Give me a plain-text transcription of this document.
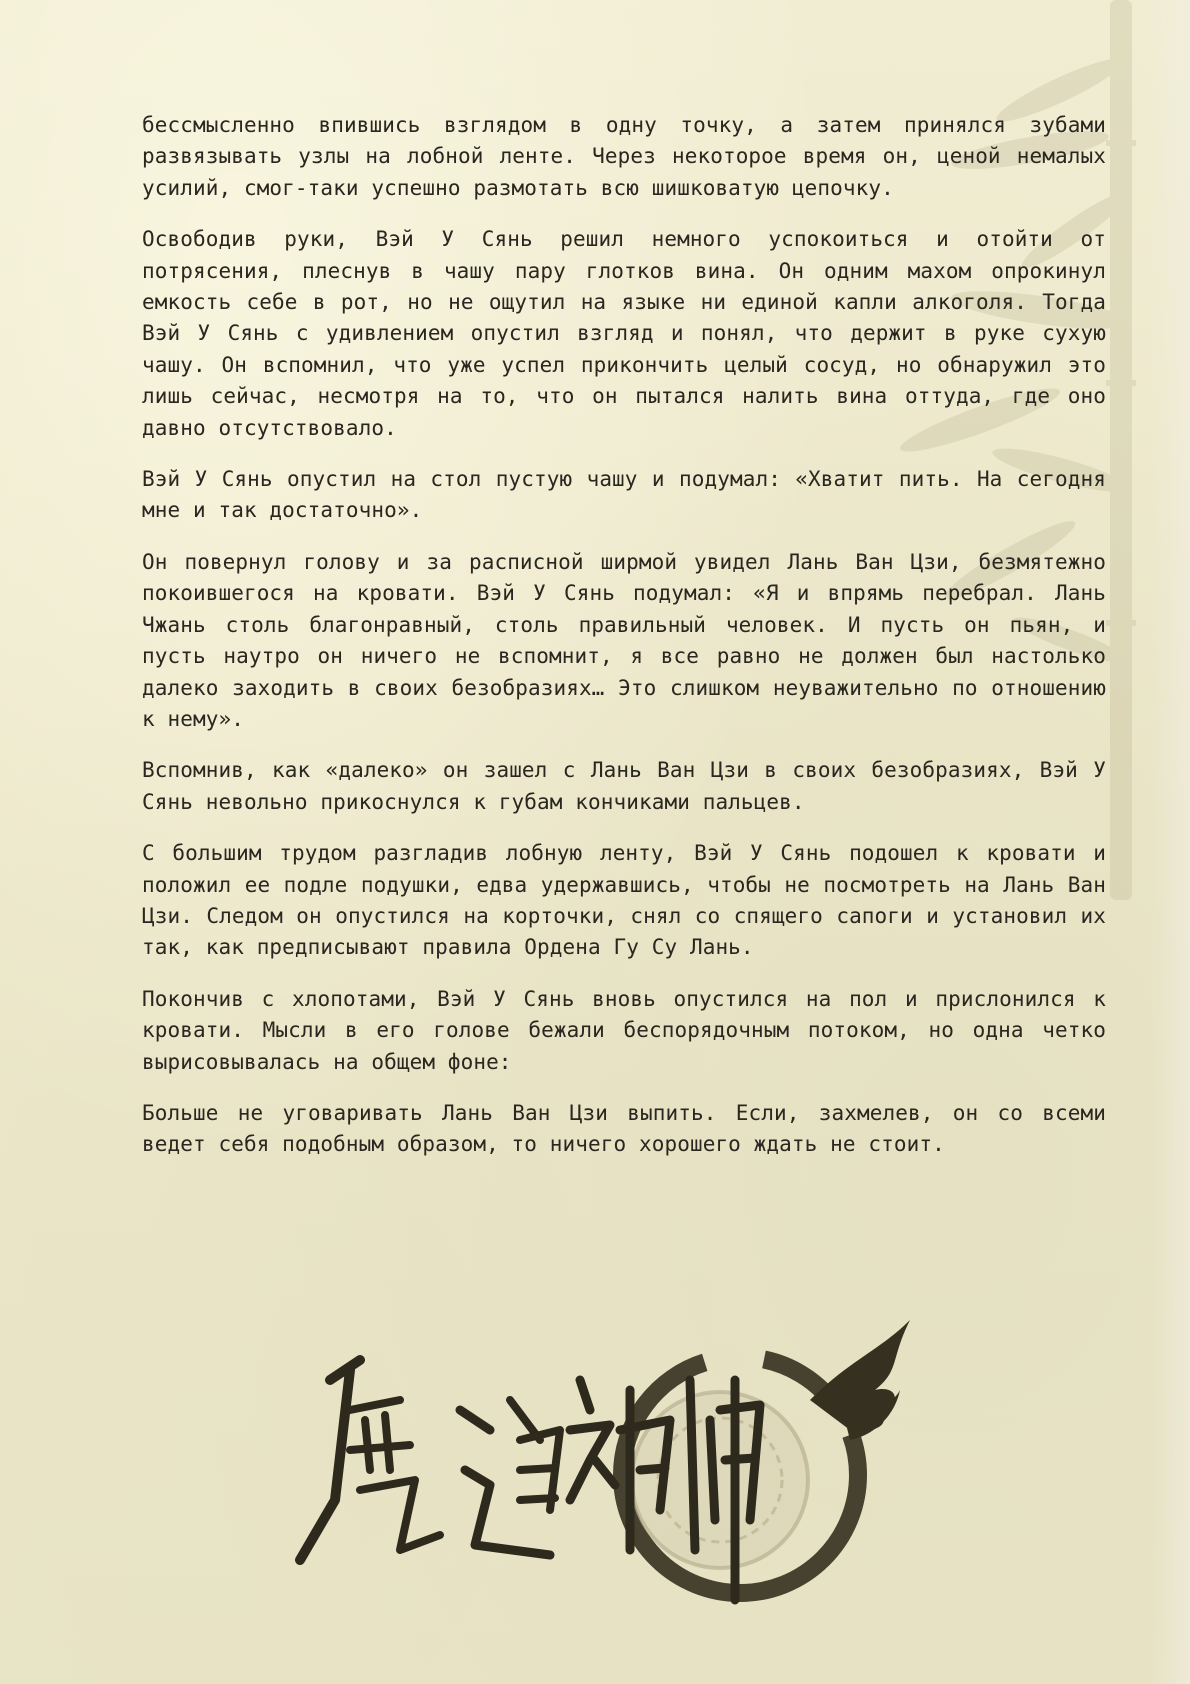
бессмысленно впившись взглядом в одну точку, а затем принялся зубами развязывать узлы на лобной ленте. Через некоторое время он, ценой немалых усилий, смог-таки успешно размотать всю шишковатую цепочку.

Освободив руки, Вэй У Сянь решил немного успокоиться и отойти от потрясения, плеснув в чашу пару глотков вина. Он одним махом опрокинул емкость себе в рот, но не ощутил на языке ни единой капли алкоголя. Тогда Вэй У Сянь с удивлением опустил взгляд и понял, что держит в руке сухую чашу. Он вспомнил, что уже успел прикончить целый сосуд, но обнаружил это лишь сейчас, несмотря на то, что он пытался налить вина оттуда, где оно давно отсутствовало.

Вэй У Сянь опустил на стол пустую чашу и подумал: «Хватит пить. На сегодня мне и так достаточно».

Он повернул голову и за расписной ширмой увидел Лань Ван Цзи, безмятежно покоившегося на кровати. Вэй У Сянь подумал: «Я и впрямь перебрал. Лань Чжань столь благонравный, столь правильный человек. И пусть он пьян, и пусть наутро он ничего не вспомнит, я все равно не должен был настолько далеко заходить в своих безобразиях… Это слишком неуважительно по отношению к нему».

Вспомнив, как «далеко» он зашел с Лань Ван Цзи в своих безобразиях, Вэй У Сянь невольно прикоснулся к губам кончиками пальцев.

С большим трудом разгладив лобную ленту, Вэй У Сянь подошел к кровати и положил ее подле подушки, едва удержавшись, чтобы не посмотреть на Лань Ван Цзи. Следом он опустился на корточки, снял со спящего сапоги и установил их так, как предписывают правила Ордена Гу Су Лань.

Покончив с хлопотами, Вэй У Сянь вновь опустился на пол и прислонился к кровати. Мысли в его голове бежали беспорядочным потоком, но одна четко вырисовывалась на общем фоне:

Больше не уговаривать Лань Ван Цзи выпить. Если, захмелев, он со всеми ведет себя подобным образом, то ничего хорошего ждать не стоит.
